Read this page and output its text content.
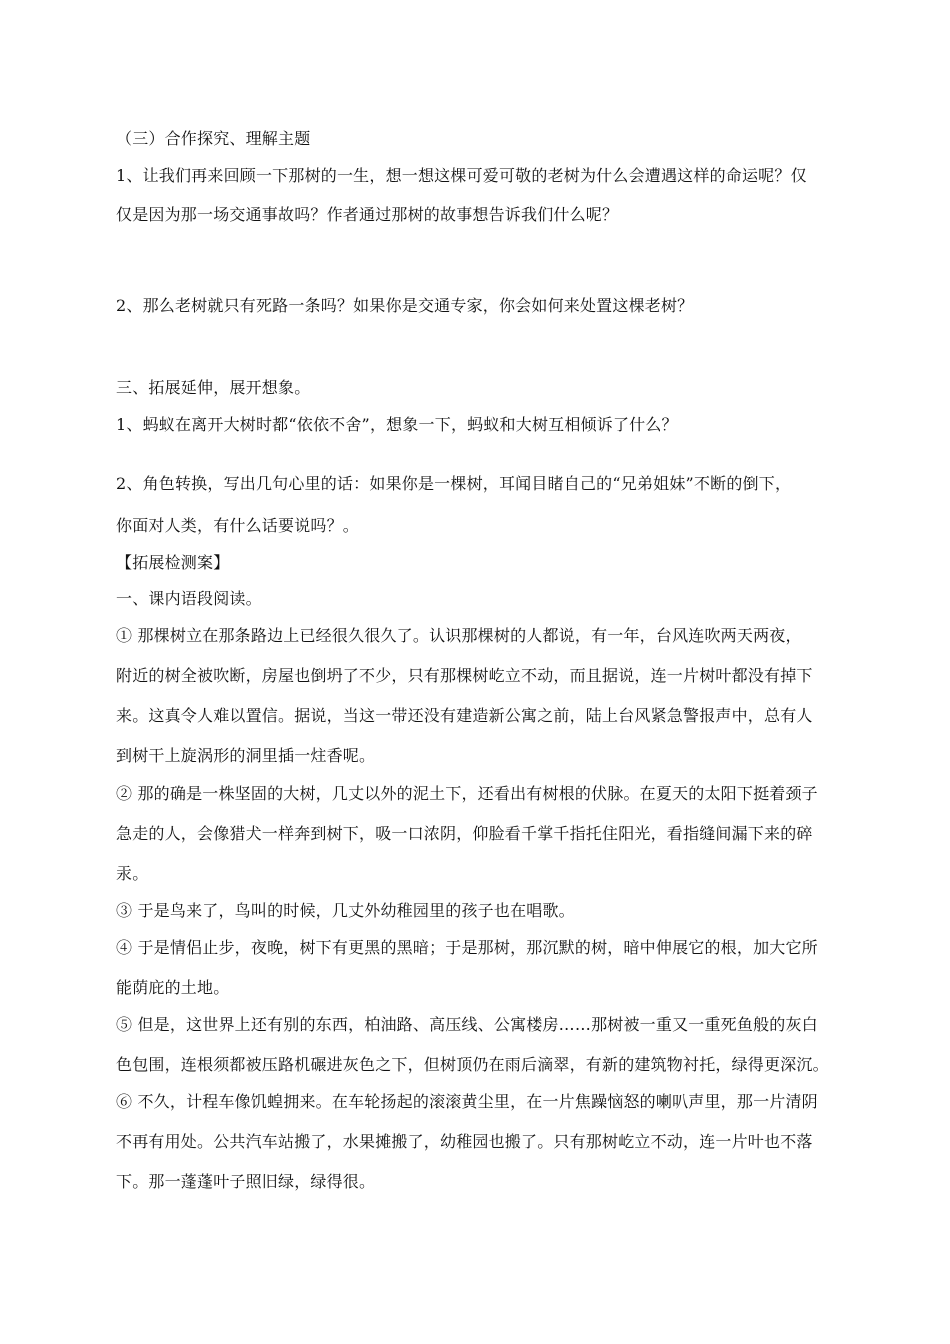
（三）合作探究、理解主题
1、让我们再来回顾一下那树的一生，想一想这棵可爱可敬的老树为什么会遭遇这样的命运呢？仅
仅是因为那一场交通事故吗？作者通过那树的故事想告诉我们什么呢？
2、那么老树就只有死路一条吗？如果你是交通专家，你会如何来处置这棵老树？
三、拓展延伸，展开想象。
1、蚂蚁在离开大树时都“依依不舍”，想象一下，蚂蚁和大树互相倾诉了什么？
2、角色转换，写出几句心里的话：如果你是一棵树，耳闻目睹自己的“兄弟姐妹”不断的倒下，
你面对人类，有什么话要说吗？。
【拓展检测案】
一、课内语段阅读。
① 那棵树立在那条路边上已经很久很久了。认识那棵树的人都说，有一年，台风连吹两天两夜，
附近的树全被吹断，房屋也倒坍了不少，只有那棵树屹立不动，而且据说，连一片树叶都没有掉下
来。这真令人难以置信。据说，当这一带还没有建造新公寓之前，陆上台风紧急警报声中，总有人
到树干上旋涡形的洞里插一炷香呢。
② 那的确是一株坚固的大树，几丈以外的泥土下，还看出有树根的伏脉。在夏天的太阳下挺着颈子
急走的人，会像猎犬一样奔到树下，吸一口浓阴，仰脸看千掌千指托住阳光，看指缝间漏下来的碎
汞。
③ 于是鸟来了，鸟叫的时候，几丈外幼稚园里的孩子也在唱歌。
④ 于是情侣止步，夜晚，树下有更黑的黑暗；于是那树，那沉默的树，暗中伸展它的根，加大它所
能荫庇的土地。
⑤ 但是，这世界上还有别的东西，柏油路、高压线、公寓楼房……那树被一重又一重死鱼般的灰白
色包围，连根须都被压路机碾进灰色之下，但树顶仍在雨后滴翠，有新的建筑物衬托，绿得更深沉。
⑥ 不久，计程车像饥蝗拥来。在车轮扬起的滚滚黄尘里，在一片焦躁恼怒的喇叭声里，那一片清阴
不再有用处。公共汽车站搬了，水果摊搬了，幼稚园也搬了。只有那树屹立不动，连一片叶也不落
下。那一蓬蓬叶子照旧绿，绿得很。
